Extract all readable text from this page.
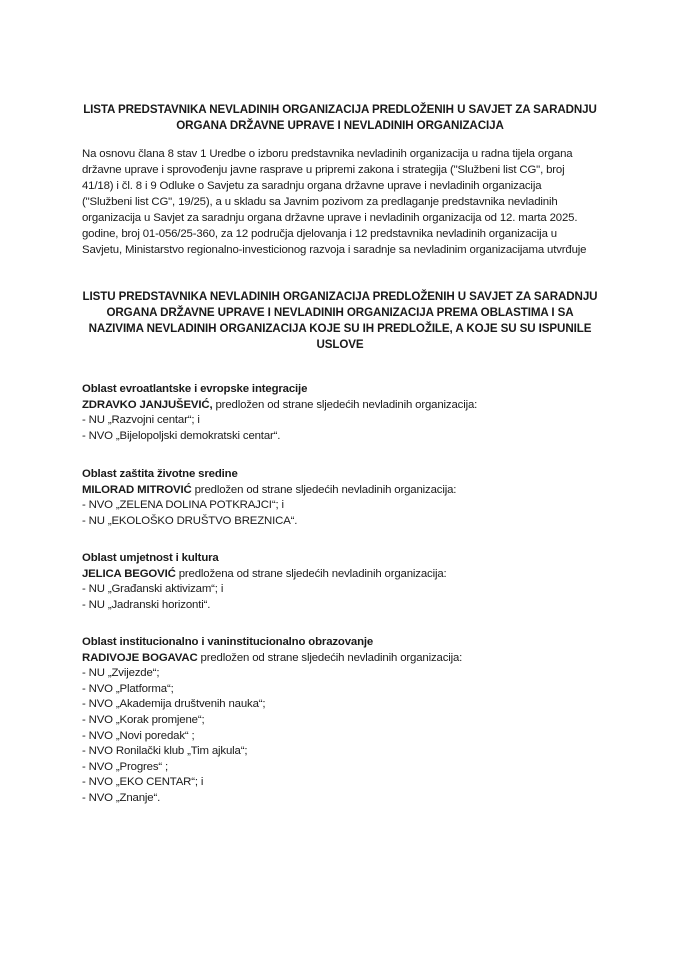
LISTA PREDSTAVNIKA NEVLADINIH ORGANIZACIJA PREDLOŽENIH U SAVJET ZA SARADNJU
ORGANA DRŽAVNE UPRAVE I NEVLADINIH ORGANIZACIJA
Na osnovu člana 8 stav 1 Uredbe o izboru predstavnika nevladinih organizacija u radna tijela organa
državne uprave i sprovođenju javne rasprave u pripremi zakona i strategija ("Službeni list CG", broj
41/18) i čl. 8 i 9 Odluke o Savjetu za saradnju organa državne uprave i nevladinih organizacija
("Službeni list CG", 19/25), a u skladu sa Javnim pozivom za predlaganje predstavnika nevladinih
organizacija u Savjet za saradnju organa državne uprave i nevladinih organizacija od 12. marta 2025.
godine, broj 01-056/25-360, za 12 područja djelovanja i 12 predstavnika nevladinih organizacija u
Savjetu, Ministarstvo regionalno-investicionog razvoja i saradnje sa nevladinim organizacijama utvrđuje
LISTU PREDSTAVNIKA NEVLADINIH ORGANIZACIJA PREDLOŽENIH U SAVJET ZA SARADNJU
ORGANA DRŽAVNE UPRAVE I NEVLADINIH ORGANIZACIJA PREMA OBLASTIMA I SA
NAZIVIMA NEVLADINIH ORGANIZACIJA KOJE SU IH PREDLOŽILE, A KOJE SU SU ISPUNILE
USLOVE
Oblast evroatlantske i evropske integracije
ZDRAVKO JANJUŠEVIĆ, predložen od strane sljedećih nevladinih organizacija:
- NU „Razvojni centar“; i
- NVO „Bijelopoljski demokratski centar“.
Oblast zaštita životne sredine
MILORAD MITROVIĆ predložen od strane sljedećih nevladinih organizacija:
- NVO „ZELENA DOLINA POTKRAJCI“; i
- NU „EKOLOŠKO DRUŠTVO BREZNICA“.
Oblast umjetnost i kultura
JELICA BEGOVIĆ predložena od strane sljedećih nevladinih organizacija:
- NU „Građanski aktivizam“; i
- NU „Jadranski horizonti“.
Oblast institucionalno i vaninstitucionalno obrazovanje
RADIVOJE BOGAVAC predložen od strane sljedećih nevladinih organizacija:
- NU „Zvijezde“;
- NVO „Platforma“;
- NVO „Akademija društvenih nauka“;
- NVO „Korak promjene“;
- NVO „Novi poredak“ ;
- NVO Ronilački klub „Tim ajkula“;
- NVO „Progres“ ;
- NVO „EKO CENTAR“; i
- NVO „Znanje“.
